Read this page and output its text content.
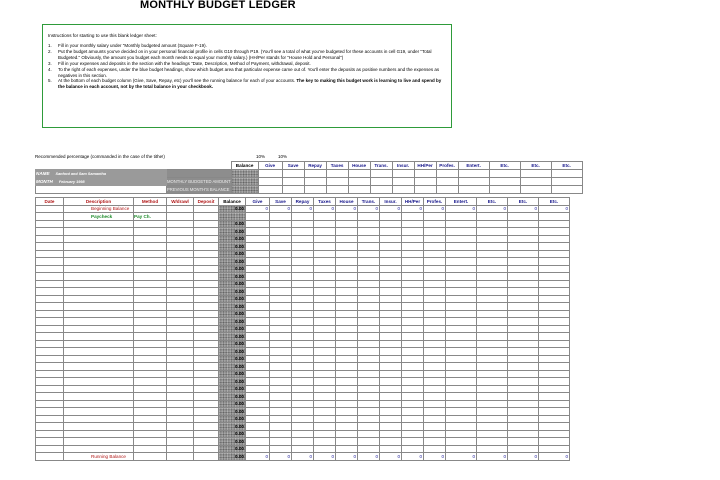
MONTHLY BUDGET LEDGER
Instructions for starting to use this blank ledger sheet:
1. Fill in your monthly salary under "Monthly budgeted amount (Square F-19).
2. Put the budget amounts you've decided on in your personal financial profile in cells G19 through P19. (You'll see a total of what you've budgeted for these accounts in cell G19, under "Total Budgeted." Obviously, the amount you budget each month needs to equal your monthly salary.) (HH/Per stands for "House Hold and Personal")
3. Fill in your expenses and deposits in the section with the headings "Date, Description, Method of Payment, withdrawal, deposit.
4. To the right of each expenses, under the blue budget headings, show which budget area that particular expense came out of. You'll enter the deposits as positive numbers and the expenses as negatives in this section.
5. At the bottom of each budget column (Give, Save, Repay, etc) you'll see the running balance for each of your accounts. The key to making this budget work is learning to live and spend by the balance in each account, not by the total balance in your checkbook.
Recommended percentage (commanded in the case of the tithe!)	10%	10%
					Balance	Give	Save	Repay	Taxes	House	Trans.	Insur.	HH/Per	Profes.	Entert.	Etc.	Etc.	Etc.	
NAME Sanford and Sam Samantha																			
MONTH February 1998			MONTHLY BUDGETED AMOUNT																
			PREVIOUS MONTH'S BALANCE																
Date	Description	Method	W/drawl	Deposit	Balance	Give	Save	Repay	Taxes	House	Trans.	Insur.	HH/Per	Profes.	Entert.	Etc.	Etc.	Etc.	
	Beginning Balance				0.00	0	0	0	0	0	0	0	0	0	0	0	0	0	
	Paycheck	Pay Ch.																	
					0.00														
					0.00														
					0.00														
					0.00														
					0.00														
					0.00														
					0.00														
					0.00														
					0.00														
					0.00														
					0.00														
					0.00														
					0.00														
					0.00														
					0.00														
					0.00														
					0.00														
					0.00														
					0.00														
					0.00														
					0.00														
					0.00														
					0.00														
					0.00														
					0.00														
					0.00														
					0.00														
					0.00														
					0.00														
					0.00														
					0.00														
	Running Balance				0.00	0	0	0	0	0	0	0	0	0	0	0	0	0	
